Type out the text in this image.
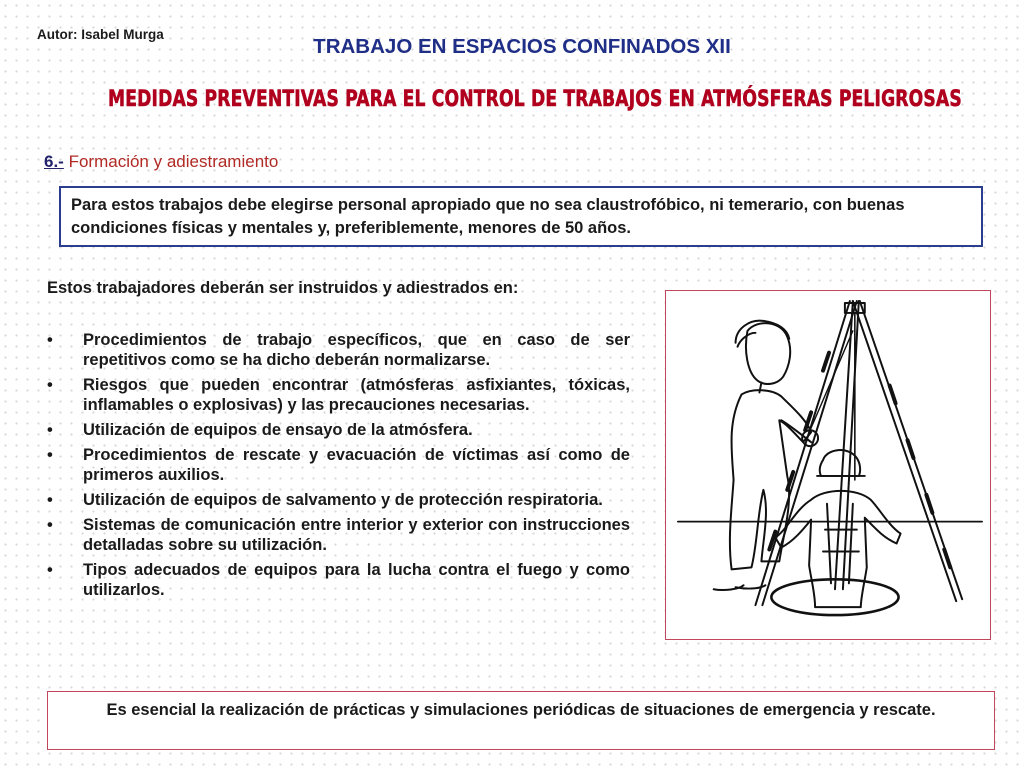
Autor: Isabel Murga
TRABAJO EN ESPACIOS CONFINADOS XII
MEDIDAS PREVENTIVAS PARA EL CONTROL DE TRABAJOS EN ATMÓSFERAS PELIGROSAS
6.- Formación y adiestramiento
Para estos trabajos debe elegirse personal apropiado que no sea claustrofóbico, ni temerario, con buenas condiciones físicas y mentales y, preferiblemente, menores de 50 años.
Estos trabajadores deberán ser instruidos y adiestrados en:
•	Procedimientos de trabajo específicos, que en caso de ser repetitivos como se ha dicho deberán normalizarse.
•	Riesgos que pueden encontrar (atmósferas asfixiantes, tóxicas, inflamables o explosivas) y las precauciones necesarias.
•	Utilización de equipos de ensayo de la atmósfera.
•	Procedimientos de rescate y evacuación de víctimas así como de primeros auxilios.
•	Utilización de equipos de salvamento y de protección respiratoria.
•	Sistemas de comunicación entre interior y exterior con instrucciones detalladas sobre su utilización.
•	Tipos adecuados de equipos para la lucha contra el fuego y como utilizarlos.
Es esencial la realización de prácticas y simulaciones periódicas de situaciones de emergencia y rescate.
